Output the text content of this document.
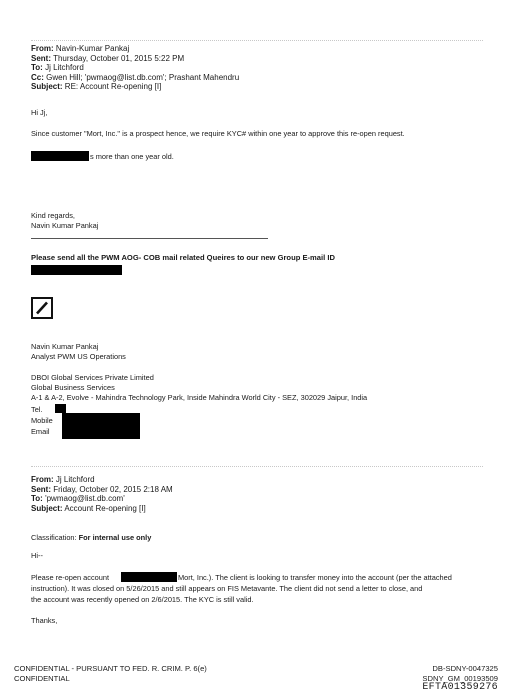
From: Navin-Kumar Pankaj
Sent: Thursday, October 01, 2015 5:22 PM
To: Jj Litchford
Cc: Gwen Hill; 'pwmaog@list.db.com'; Prashant Mahendru
Subject: RE: Account Re-opening [I]
Hi Jj,
Since customer "Mort, Inc." is a prospect hence, we require KYC# within one year to approve this re-open request.
s more than one year old.
Kind regards,
Navin Kumar Pankaj
Please send all the PWM AOG- COB mail related Queires to our new Group E-mail ID
Navin Kumar Pankaj
Analyst PWM US Operations
DBOI Global Services Private Limited
Global Business Services
A-1 & A-2, Evolve - Mahindra Technology Park, Inside Mahindra World City - SEZ, 302029 Jaipur, India
Tel.
Mobile
Email
From: Jj Litchford
Sent: Friday, October 02, 2015 2:18 AM
To: 'pwmaog@list.db.com'
Subject: Account Re-opening [I]
Classification: For internal use only
Hi--
Please re-open account	Mort, Inc.). The client is looking to transfer money into the account (per the attached
instruction). It was closed on 5/26/2015 and still appears on FIS Metavante. The client did not send a letter to close, and
the account was recently opened on 2/6/2015. The KYC is still valid.
Thanks,
CONFIDENTIAL - PURSUANT TO FED. R. CRIM. P. 6(e)
CONFIDENTIAL
DB-SDNY-0047325
SDNY_GM_00193509
EFTA01359276
